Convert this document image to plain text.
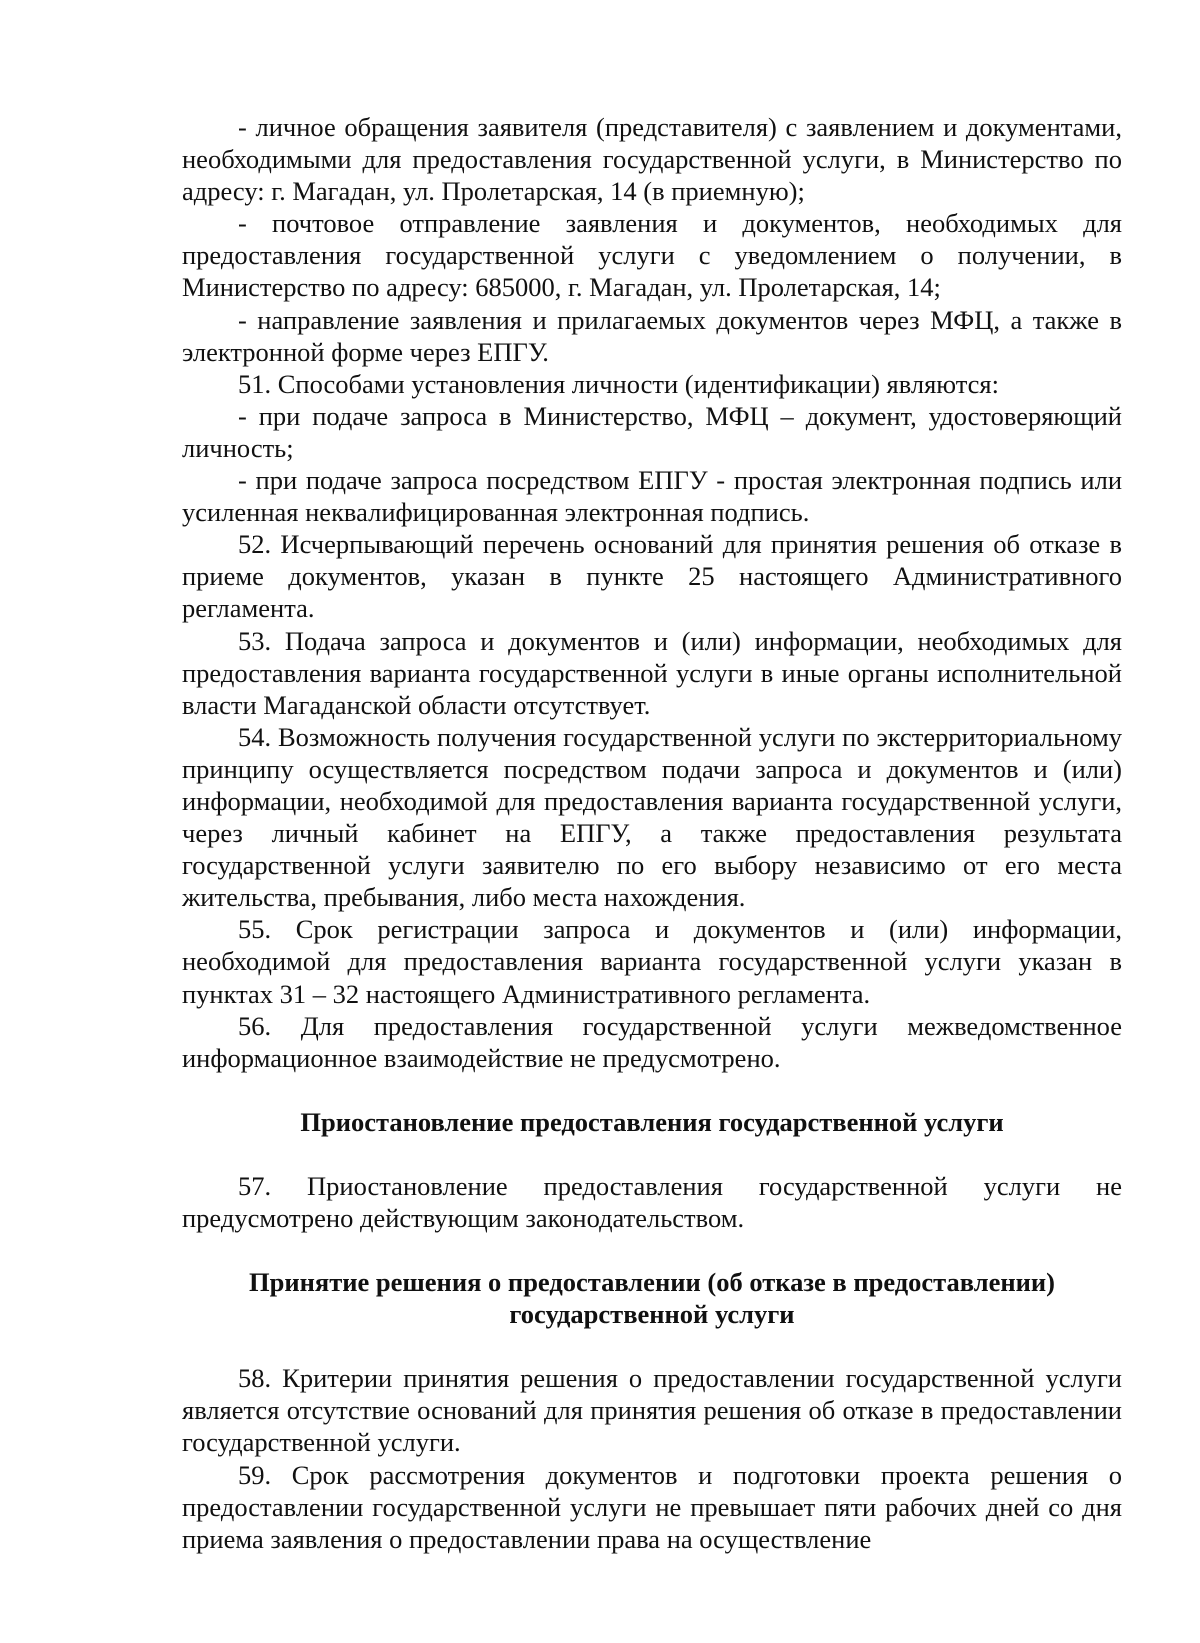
- личное обращения заявителя (представителя) с заявлением и документами, необходимыми для предоставления государственной услуги, в Министерство по адресу: г. Магадан, ул. Пролетарская, 14 (в приемную);

- почтовое отправление заявления и документов, необходимых для предоставления государственной услуги с уведомлением о получении, в Министерство по адресу: 685000, г. Магадан, ул. Пролетарская, 14;

- направление заявления и прилагаемых документов через МФЦ, а также в электронной форме через ЕПГУ.

51. Способами установления личности (идентификации) являются:

- при подаче запроса в Министерство, МФЦ – документ, удостоверяющий личность;

- при подаче запроса посредством ЕПГУ - простая электронная подпись или усиленная неквалифицированная электронная подпись.

52. Исчерпывающий перечень оснований для принятия решения об отказе в приеме документов, указан в пункте 25 настоящего Административного регламента.

53. Подача запроса и документов и (или) информации, необходимых для предоставления варианта государственной услуги в иные органы исполнительной власти Магаданской области отсутствует.

54. Возможность получения государственной услуги по экстерриториальному принципу осуществляется посредством подачи запроса и документов и (или) информации, необходимой для предоставления варианта государственной услуги, через личный кабинет на ЕПГУ, а также предоставления результата государственной услуги заявителю по его выбору независимо от его места жительства, пребывания, либо места нахождения.

55. Срок регистрации запроса и документов и (или) информации, необходимой для предоставления варианта государственной услуги указан в пунктах 31 – 32 настоящего Административного регламента.

56. Для предоставления государственной услуги межведомственное информационное взаимодействие не предусмотрено.

Приостановление предоставления государственной услуги

57. Приостановление предоставления государственной услуги не предусмотрено действующим законодательством.

Принятие решения о предоставлении (об отказе в предоставлении)

государственной услуги

58. Критерии принятия решения о предоставлении государственной услуги является отсутствие оснований для принятия решения об отказе в предоставлении государственной услуги.

59. Срок рассмотрения документов и подготовки проекта решения о предоставлении государственной услуги не превышает пяти рабочих дней со дня приема заявления о предоставлении права на осуществление
